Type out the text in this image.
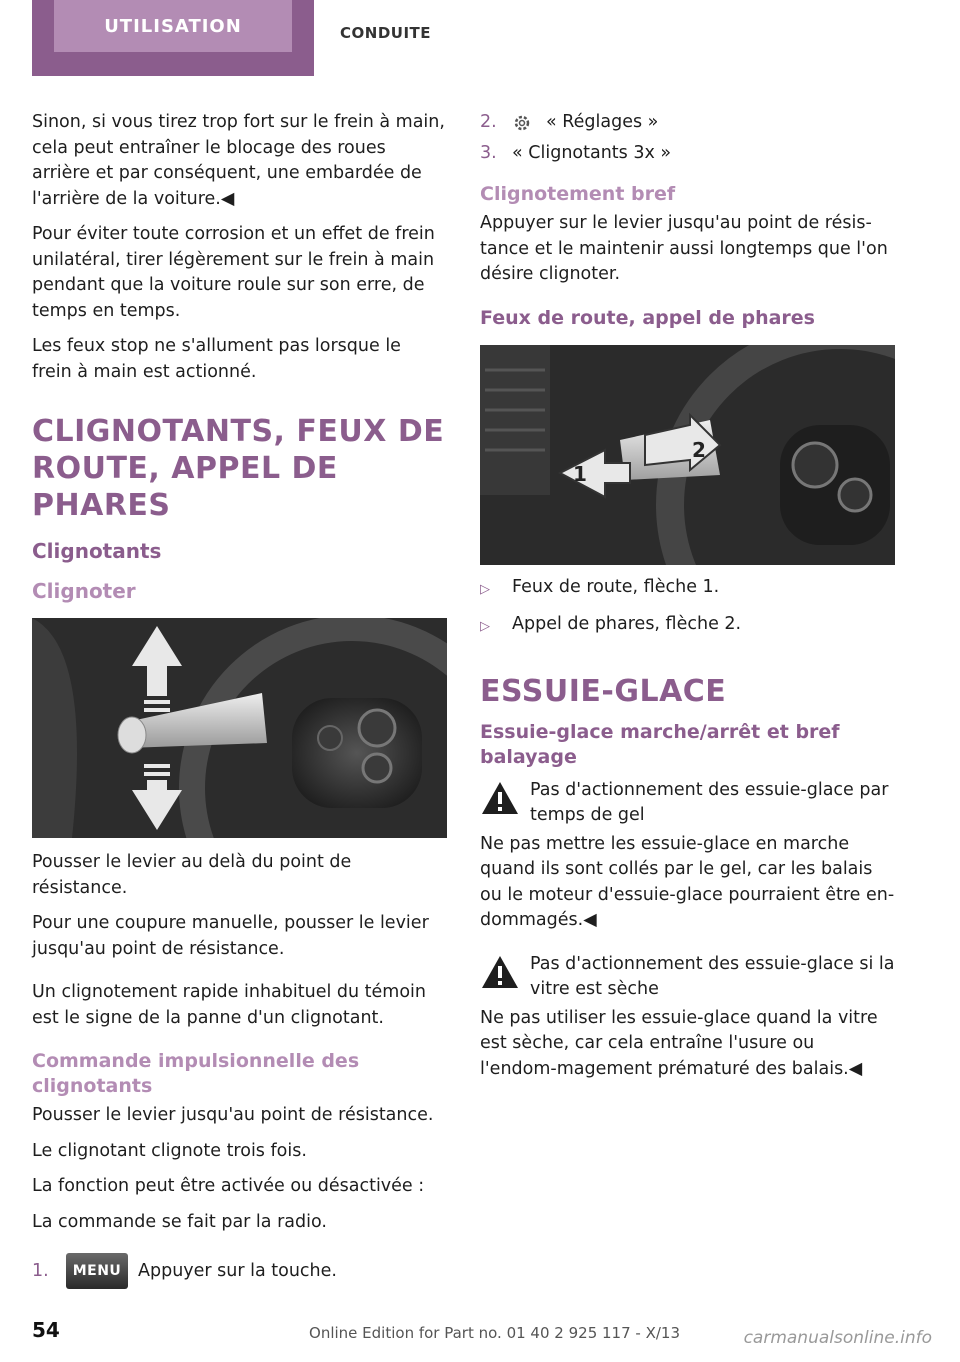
UTILISATION	CONDUITE

Sinon, si vous tirez trop fort sur le frein à main, cela peut entraîner le blocage des roues arrière et par conséquent, une embardée de l'arrière de la voiture.◀

Pour éviter toute corrosion et un effet de frein unilatéral, tirer légèrement sur le frein à main pendant que la voiture roule sur son erre, de temps en temps.

Les feux stop ne s'allument pas lorsque le frein à main est actionné.

CLIGNOTANTS, FEUX DE
ROUTE, APPEL DE PHARES
Clignotants
Clignoter

Pousser le levier au delà du point de résistance.

Pour une coupure manuelle, pousser le levier jusqu'au point de résistance.

Un clignotement rapide inhabituel du témoin est le signe de la panne d'un clignotant.

Commande impulsionnelle des clignotants

Pousser le levier jusqu'au point de résistance.

Le clignotant clignote trois fois.

La fonction peut être activée ou désactivée :

La commande se fait par la radio.

1.	MENU Appuyer sur la touche.
2.	« Réglages »
3. « Clignotants 3x »
Clignotement bref

Appuyer sur le levier jusqu'au point de résis‐tance et le maintenir aussi longtemps que l'on désire clignoter.

Feux de route, appel de phares
2
1
▷	Feux de route, flèche 1.
▷	Appel de phares, flèche 2.
ESSUIE-GLACE
Essuie-glace marche/arrêt et bref balayage
Pas d'actionnement des essuie-glace par temps de gel

Ne pas mettre les essuie-glace en marche quand ils sont collés par le gel, car les balais ou le moteur d'essuie-glace pourraient être en‐dommagés.◀

Pas d'actionnement des essuie-glace si la vitre est sèche

Ne pas utiliser les essuie-glace quand la vitre est sèche, car cela entraîne l'usure ou l'endom‐magement prématuré des balais.◀

54	Online Edition for Part no. 01 40 2 925 117 - X/13	carmanualsonline.info
